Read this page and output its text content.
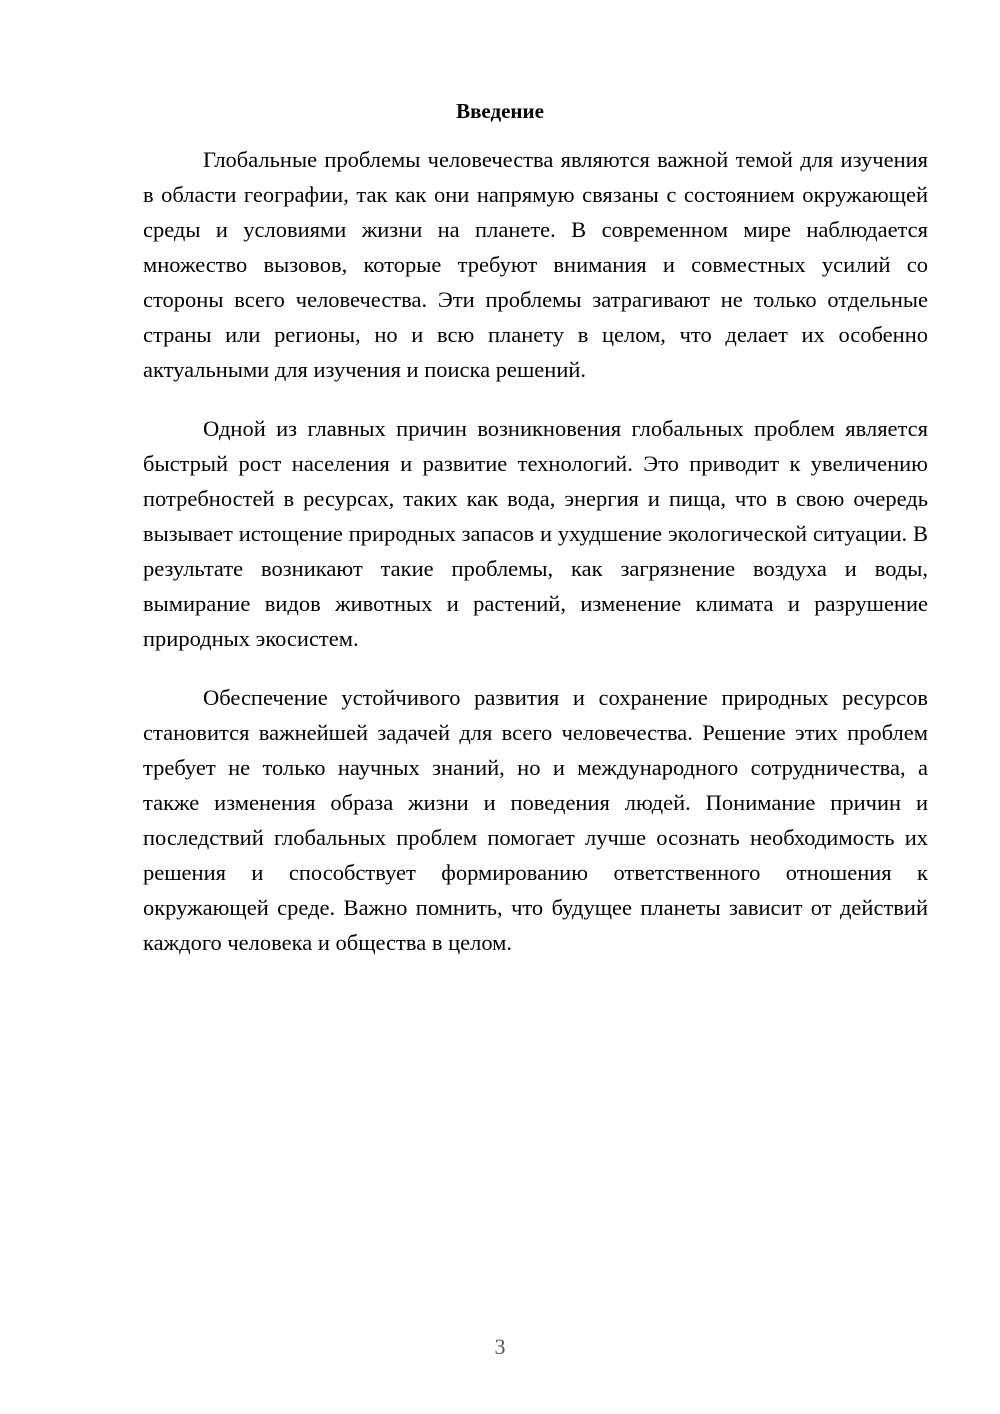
Введение

Глобальные проблемы человечества являются важной темой для изучения в области географии, так как они напрямую связаны с состоянием окружающей среды и условиями жизни на планете. В современном мире наблюдается множество вызовов, которые требуют внимания и совместных усилий со стороны всего человечества. Эти проблемы затрагивают не только отдельные страны или регионы, но и всю планету в целом, что делает их особенно актуальными для изучения и поиска решений.

Одной из главных причин возникновения глобальных проблем является быстрый рост населения и развитие технологий. Это приводит к увеличению потребностей в ресурсах, таких как вода, энергия и пища, что в свою очередь вызывает истощение природных запасов и ухудшение экологической ситуации. В результате возникают такие проблемы, как загрязнение воздуха и воды, вымирание видов животных и растений, изменение климата и разрушение природных экосистем.

Обеспечение устойчивого развития и сохранение природных ресурсов становится важнейшей задачей для всего человечества. Решение этих проблем требует не только научных знаний, но и международного сотрудничества, а также изменения образа жизни и поведения людей. Понимание причин и последствий глобальных проблем помогает лучше осознать необходимость их решения и способствует формированию ответственного отношения к окружающей среде. Важно помнить, что будущее планеты зависит от действий каждого человека и общества в целом.

3
